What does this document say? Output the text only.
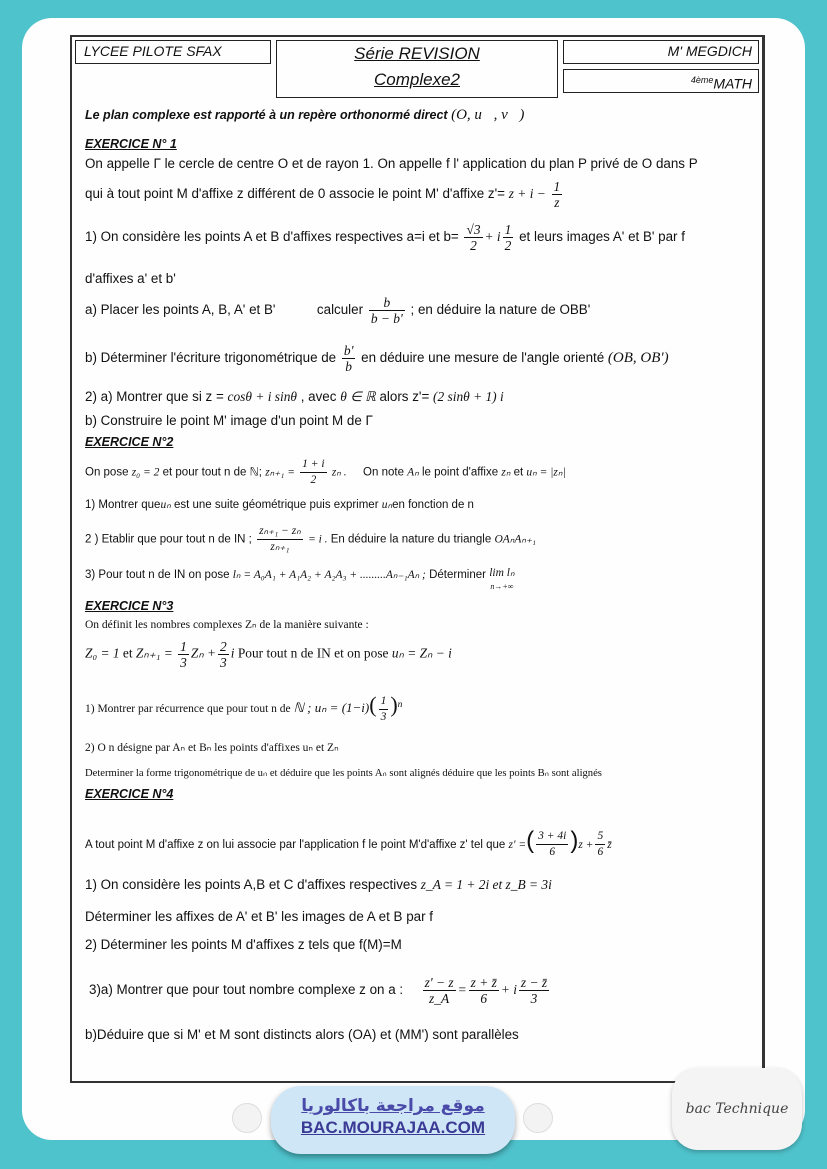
LYCEE PILOTE SFAX	Série REVISION
Complexe2
M' MEGDICH
$^{4ème}$MATH
Le plan complexe est rapporté à un repère orthonormé direct (O, u⃗, v⃗)
EXERCICE N° 1
On appelle Γ le cercle de centre O et de rayon 1. On appelle f l' application du plan P privé de O dans P
qui à tout point M d'affixe z différent de 0 associe le point M' d'affixe $z'= z + i - \frac{1}{z}$
1) On considère les points A et B d'affixes respectives a=i et $b= \frac{√3}{2} + i \frac{1}{2}$ et leurs images A' et B' par f
d'affixes a' et b'
a) Placer les points A, B, A' et B'	calculer $\frac{b}{b - b'}$ ; en déduire la nature de OBB'
b) Déterminer l'écriture trigonométrique de $\frac{b'}{b}$ en déduire une mesure de l'angle orienté (OB, OB')
2) a) Montrer que si z = cosθ + i sinθ , avec θ ∈ ℝ alors z'= (2 sinθ + 1) i
b) Construire le point M' image d'un point M de Γ
EXERCICE N°2
On pose z₀ = 2 et pour tout n de ℕ; $z_{n+1} = \frac{1 + i}{2}$ zₙ . On note Aₙ le point d'affixe zₙ et uₙ = |zₙ|
1) Montrer queuₙ est une suite géométrique puis exprimer uₙen fonction de n
2 ) Etablir que pour tout n de IN ; $\frac{\text{zₙ₊₁ − zₙ}}{\text{zₙ₊₁}} = i$ . En déduire la nature du triangle OAₙAₙ₊₁
3) Pour tout n de IN on pose lₙ = A₀A₁ + A₁A₂ + A₂A₃ + .........Aₙ₋₁Aₙ ; Déterminer lim lₙ
n→+∞
EXERCICE N°3
On définit les nombres complexes Zₙ de la manière suivante :
Z₀ = 1 et $Z_{n+1} = \frac{1}{3}$ $Z_n + \frac{2}{3}$ i Pour tout n de IN et on pose uₙ = Zₙ − i
1) Montrer par récurrence que pour tout n de ℕ ; $u_n = (1-i)( \frac{1}{3} )^n$
2) O n désigne par Aₙ et Bₙ les points d'affixes uₙ et Zₙ
Determiner la forme trigonométrique de uₙ et déduire que les points Aₙ sont alignés déduire que les points Bₙ sont alignés
EXERCICE N°4
A tout point M d'affixe z on lui associe par l'application f le point M'd'affixe z' tel que z' =( $\frac{3 + 4i}{6} )z + \frac{5}{6}$ z̄
1) On considère les points A,B et C d'affixes respectives z_A = 1 + 2i et z_B = 3i
Déterminer les affixes de A' et B' les images de A et B par f
2) Déterminer les points M d'affixes z tels que f(M)=M
3)a) Montrer que pour tout nombre complexe z on a : $\frac{z' - z}{z\_A} = \frac{z + z̄}{6} + i \frac{z - z̄}{3}$
b)Déduire que si M' et M sont distincts alors (OA) et (MM') sont parallèles
موقع مراجعة باكالوريا
BAC.MOURAJAA.COM
bac Technique
